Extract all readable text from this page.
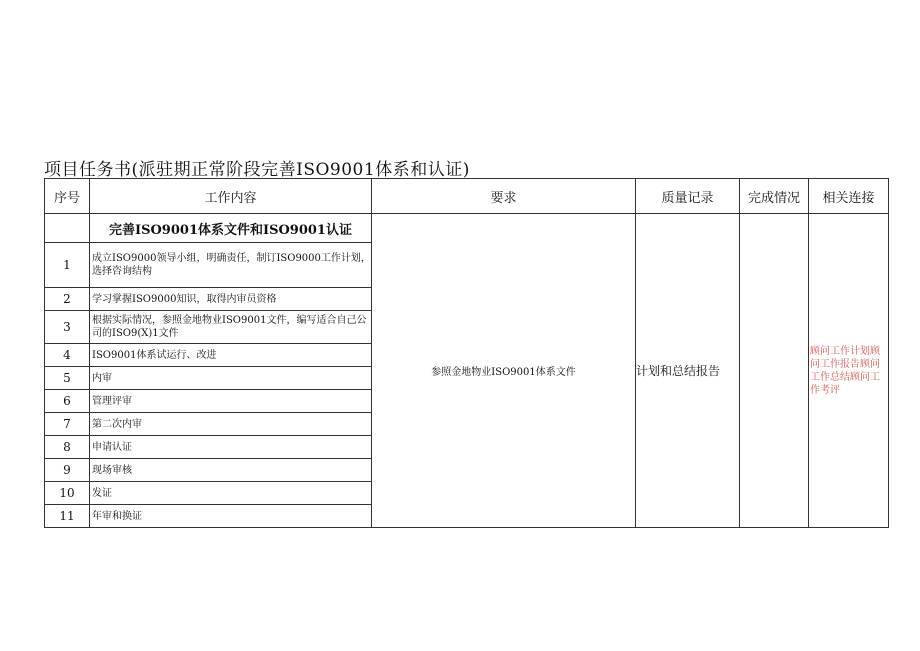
项目任务书(派驻期正常阶段完善ISO9001体系和认证)
序号	工作内容	要求	质量记录	完成情况	相关连接
	完善ISO9001体系文件和ISO9001认证	参照金地物业ISO9001体系文件	计划和总结报告		顾问工作计划顾问工作报告顾问工作总结顾问工作考评
1	成立ISO9000领导小组，明确责任，制订ISO9000工作计划，选择咨询结构				
2	学习掌握ISO9000知识，取得内审员资格				
3	根据实际情况，参照金地物业ISO9001文件，编写适合自己公司的ISO9(X)1文件				
4	ISO9001体系试运行、改进				
5	内审				
6	管理评审				
7	第二次内审				
8	申请认证				
9	现场审核				
10	发证				
11	年审和换证				
